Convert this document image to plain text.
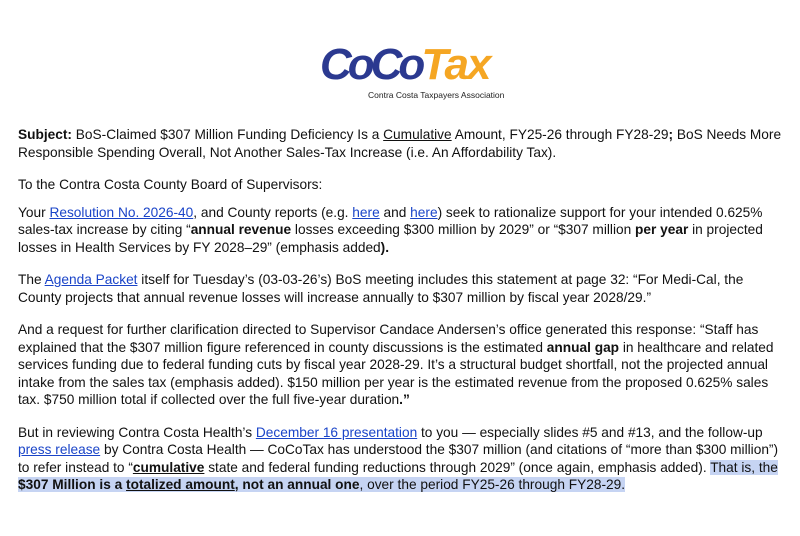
CoCoTax
Contra Costa Taxpayers Association

Subject: BoS-Claimed $307 Million Funding Deficiency Is a Cumulative Amount, FY25-26 through FY28-29; BoS Needs More Responsible Spending Overall, Not Another Sales-Tax Increase (i.e. An Affordability Tax).

To the Contra Costa County Board of Supervisors:

Your Resolution No. 2026-40, and County reports (e.g. here and here) seek to rationalize support for your intended 0.625% sales-tax increase by citing “annual revenue losses exceeding $300 million by 2029” or “$307 million per year in projected losses in Health Services by FY 2028–29” (emphasis added).

The Agenda Packet itself for Tuesday’s (03-03-26’s) BoS meeting includes this statement at page 32: “For Medi-Cal, the County projects that annual revenue losses will increase annually to $307 million by fiscal year 2028/29.”

And a request for further clarification directed to Supervisor Candace Andersen’s office generated this response: “Staff has explained that the $307 million figure referenced in county discussions is the estimated annual gap in healthcare and related services funding due to federal funding cuts by fiscal year 2028-29. It’s a structural budget shortfall, not the projected annual intake from the sales tax (emphasis added). $150 million per year is the estimated revenue from the proposed 0.625% sales tax. $750 million total if collected over the full five-year duration.”

But in reviewing Contra Costa Health’s December 16 presentation to you — especially slides #5 and #13, and the follow-up press release by Contra Costa Health — CoCoTax has understood the $307 million (and citations of “more than $300 million”) to refer instead to “cumulative state and federal funding reductions through 2029” (once again, emphasis added). That is, the $307 Million is a totalized amount, not an annual one, over the period FY25-26 through FY28-29.
